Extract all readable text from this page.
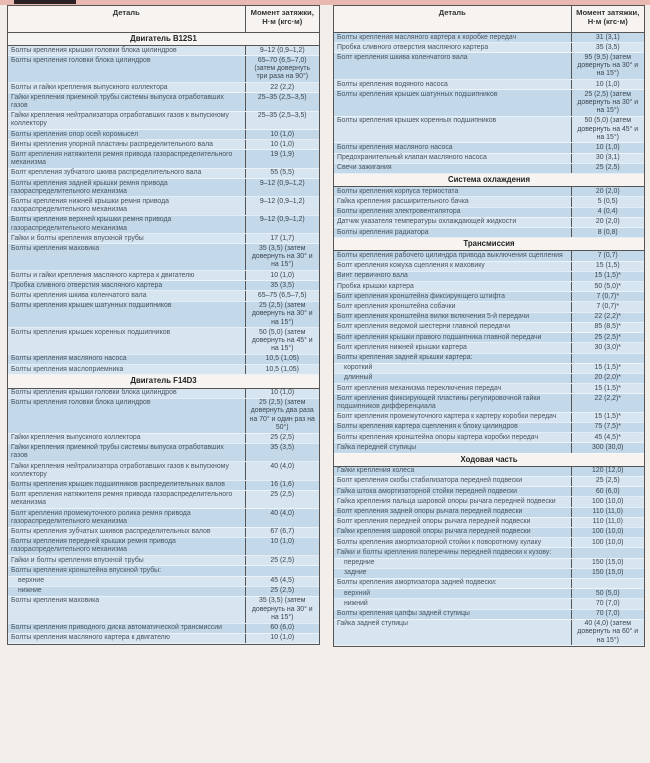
Деталь	Момент затяжки,
Н·м (кгс·м)
Двигатель B12S1	
Болты крепления крышки головки блока цилиндров	9–12 (0,9–1,2)
Болты крепления головки блока цилиндров	65–70 (6,5–7,0) (затем довернуть три раза на 90°)
Болты и гайки крепления выпускного коллектора	22 (2,2)
Гайки крепления приемной трубы системы выпуска отработавших газов	25–35 (2,5–3,5)
Гайки крепления нейтрализатора отработавших газов к выпускному коллектору	25–35 (2,5–3,5)
Болты крепления опор осей коромысел	10 (1,0)
Винты крепления упорной пластины распределительного вала	10 (1,0)
Болт крепления натяжителя ремня привода газораспределительного механизма	19 (1,9)
Болт крепления зубчатого шкива распределительного вала	55 (5,5)
Болты крепления задней крышки ремня привода газораспределительного механизма	9–12 (0,9–1,2)
Болты крепления нижней крышки ремня привода газораспределительного механизма	9–12 (0,9–1,2)
Болты крепления верхней крышки ремня привода газораспределительного механизма	9–12 (0,9–1,2)
Гайки и болты крепления впускной трубы	17 (1,7)
Болты крепления маховика	35 (3,5) (затем довернуть на 30° и на 15°)
Болты и гайки крепления масляного картера к двигателю	10 (1,0)
Пробка сливного отверстия масляного картера	35 (3,5)
Болты крепления шкива коленчатого вала	65–75 (6,5–7,5)
Болты крепления крышек шатунных подшипников	25 (2,5) (затем довернуть на 30° и на 15°)
Болты крепления крышек коренных подшипников	50 (5,0) (затем довернуть на 45° и на 15°)
Болты крепления масляного насоса	10,5 (1,05)
Болты крепления маслоприемника	10,5 (1,05)
Двигатель F14D3	
Болты крепления крышки головки блока цилиндров	10 (1,0)
Болты крепления головки блока цилиндров	25 (2,5) (затем довернуть два раза на 70° и один раз на 50°)
Гайки крепления выпускного коллектора	25 (2,5)
Гайки крепления приемной трубы системы выпуска отработавших газов	35 (3,5)
Гайки крепления нейтрализатора отработавших газов к выпускному коллектору	40 (4,0)
Болты крепления крышек подшипников распределительных валов	16 (1,6)
Болт крепления натяжителя ремня привода газораспределительного механизма	25 (2,5)
Болт крепления промежуточного ролика ремня привода газораспределительного механизма	40 (4,0)
Болты крепления зубчатых шкивов распределительных валов	67 (6,7)
Болты крепления передней крышки ремня привода газораспределительного механизма	10 (1,0)
Гайки и болты крепления впускной трубы	25 (2,5)
Болты крепления кронштейна впускной трубы:	
верхние	45 (4,5)
нижние	25 (2,5)
Болты крепления маховика	35 (3,5) (затем довернуть на 30° и на 15°)
Болты крепления приводного диска автоматической трансмиссии	60 (6,0)
Болты крепления масляного картера к двигателю	10 (1,0)
Деталь	Момент затяжки,
Н·м (кгс·м)
Болты крепления масляного картера к коробке передач	31 (3,1)
Пробка сливного отверстия масляного картера	35 (3,5)
Болт крепления шкива коленчатого вала	95 (9,5) (затем довернуть на 30° и на 15°)
Болты крепления водяного насоса	10 (1,0)
Болты крепления крышек шатунных подшипников	25 (2,5) (затем довернуть на 30° и на 15°)
Болты крепления крышек коренных подшипников	50 (5,0) (затем довернуть на 45° и на 15°)
Болты крепления масляного насоса	10 (1,0)
Предохранительный клапан масляного насоса	30 (3,1)
Свечи зажигания	25 (2,5)
Система охлаждения	
Болты крепления корпуса термостата	20 (2,0)
Гайка крепления расширительного бачка	5 (0,5)
Болты крепления электровентилятора	4 (0,4)
Датчик указателя температуры охлаждающей жидкости	20 (2,0)
Болты крепления радиатора	8 (0,8)
Трансмиссия	
Болты крепления рабочего цилиндра привода выключения сцепления	7 (0,7)
Болт крепления кожуха сцепления к маховику	15 (1,5)
Винт первичного вала	15 (1,5)*
Пробка крышки картера	50 (5,0)*
Болт крепления кронштейна фиксирующего штифта	7 (0,7)*
Болт крепления кронштейна собачки	7 (0,7)*
Болт крепления кронштейна вилки включения 5-й передачи	22 (2,2)*
Болт крепления ведомой шестерни главной передачи	85 (8,5)*
Болт крепления крышки правого подшипника главной передачи	25 (2,5)*
Болт крепления нижней крышки картера	30 (3,0)*
Болты крепления задней крышки картера:	
короткий	15 (1,5)*
длинный	20 (2,0)*
Болт крепления механизма переключения передач	15 (1,5)*
Болт крепления фиксирующей пластины регулировочной гайки подшипников дифференциала	22 (2,2)*
Болт крепления промежуточного картера к картеру коробки передач	15 (1,5)*
Болты крепления картера сцепления к блоку цилиндров	75 (7,5)*
Болты крепления кронштейна опоры картера коробки передач	45 (4,5)*
Гайка передней ступицы	300 (30,0)
Ходовая часть	
Гайки крепления колеса	120 (12,0)
Болт крепления скобы стабилизатора передней подвески	25 (2,5)
Гайка штока амортизаторной стойки передней подвески	60 (6,0)
Гайка крепления пальца шаровой опоры рычага передней подвески	100 (10,0)
Болт крепления задней опоры рычага передней подвески	110 (11,0)
Болт крепления передней опоры рычага передней подвески	110 (11,0)
Гайки крепления шаровой опоры рычага передней подвески	100 (10,0)
Болты крепления амортизаторной стойки к поворотному кулаку	100 (10,0)
Гайки и болты крепления поперечины передней подвески к кузову:	
передние	150 (15,0)
задние	150 (15,0)
Болты крепления амортизатора задней подвески:	
верхний	50 (5,0)
нижний	70 (7,0)
Болты крепления цапфы задней ступицы	70 (7,0)
Гайка задней ступицы	40 (4,0) (затем довернуть на 60° и на 15°)
